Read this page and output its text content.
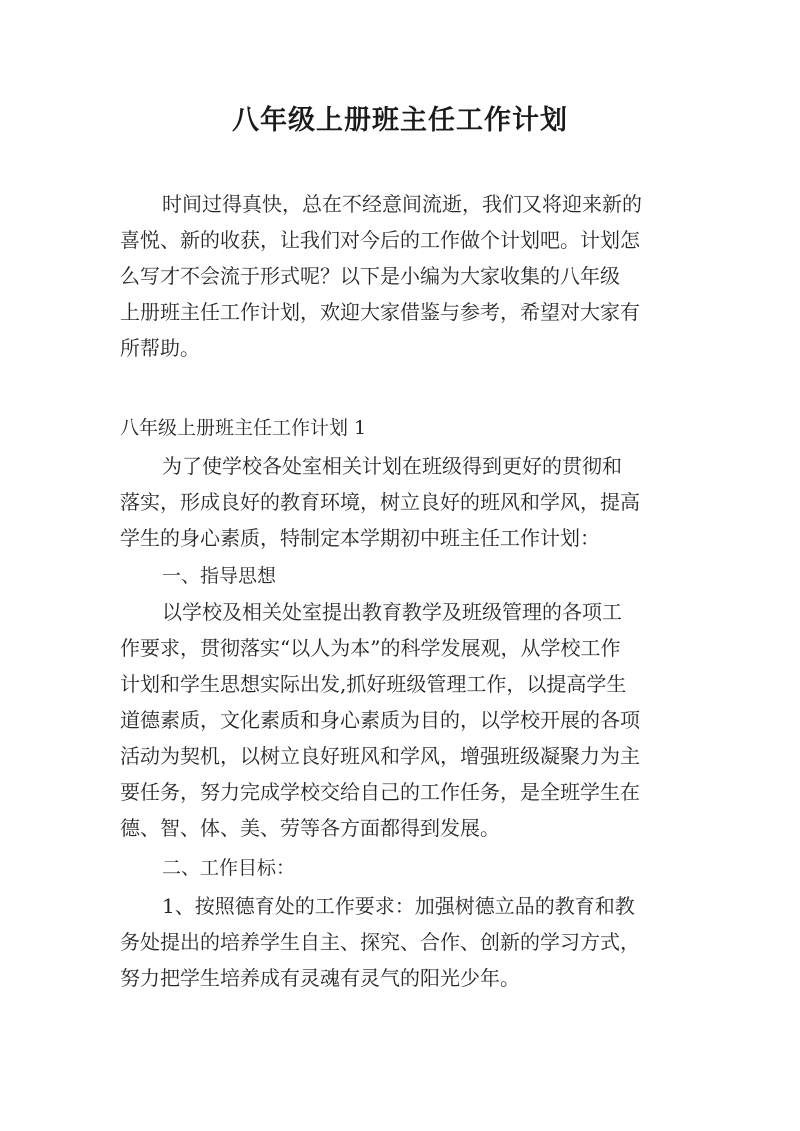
八年级上册班主任工作计划
时间过得真快，总在不经意间流逝，我们又将迎来新的
喜悦、新的收获，让我们对今后的工作做个计划吧。计划怎
么写才不会流于形式呢？以下是小编为大家收集的八年级
上册班主任工作计划，欢迎大家借鉴与参考，希望对大家有
所帮助。
八年级上册班主任工作计划 1
为了使学校各处室相关计划在班级得到更好的贯彻和
落实，形成良好的教育环境，树立良好的班风和学风，提高
学生的身心素质，特制定本学期初中班主任工作计划：
一、指导思想
以学校及相关处室提出教育教学及班级管理的各项工
作要求，贯彻落实“以人为本”的科学发展观，从学校工作
计划和学生思想实际出发,抓好班级管理工作，以提高学生
道德素质，文化素质和身心素质为目的，以学校开展的各项
活动为契机，以树立良好班风和学风，增强班级凝聚力为主
要任务，努力完成学校交给自己的工作任务，是全班学生在
德、智、体、美、劳等各方面都得到发展。
二、工作目标：
1、按照德育处的工作要求：加强树德立品的教育和教
务处提出的培养学生自主、探究、合作、创新的学习方式，
努力把学生培养成有灵魂有灵气的阳光少年。
